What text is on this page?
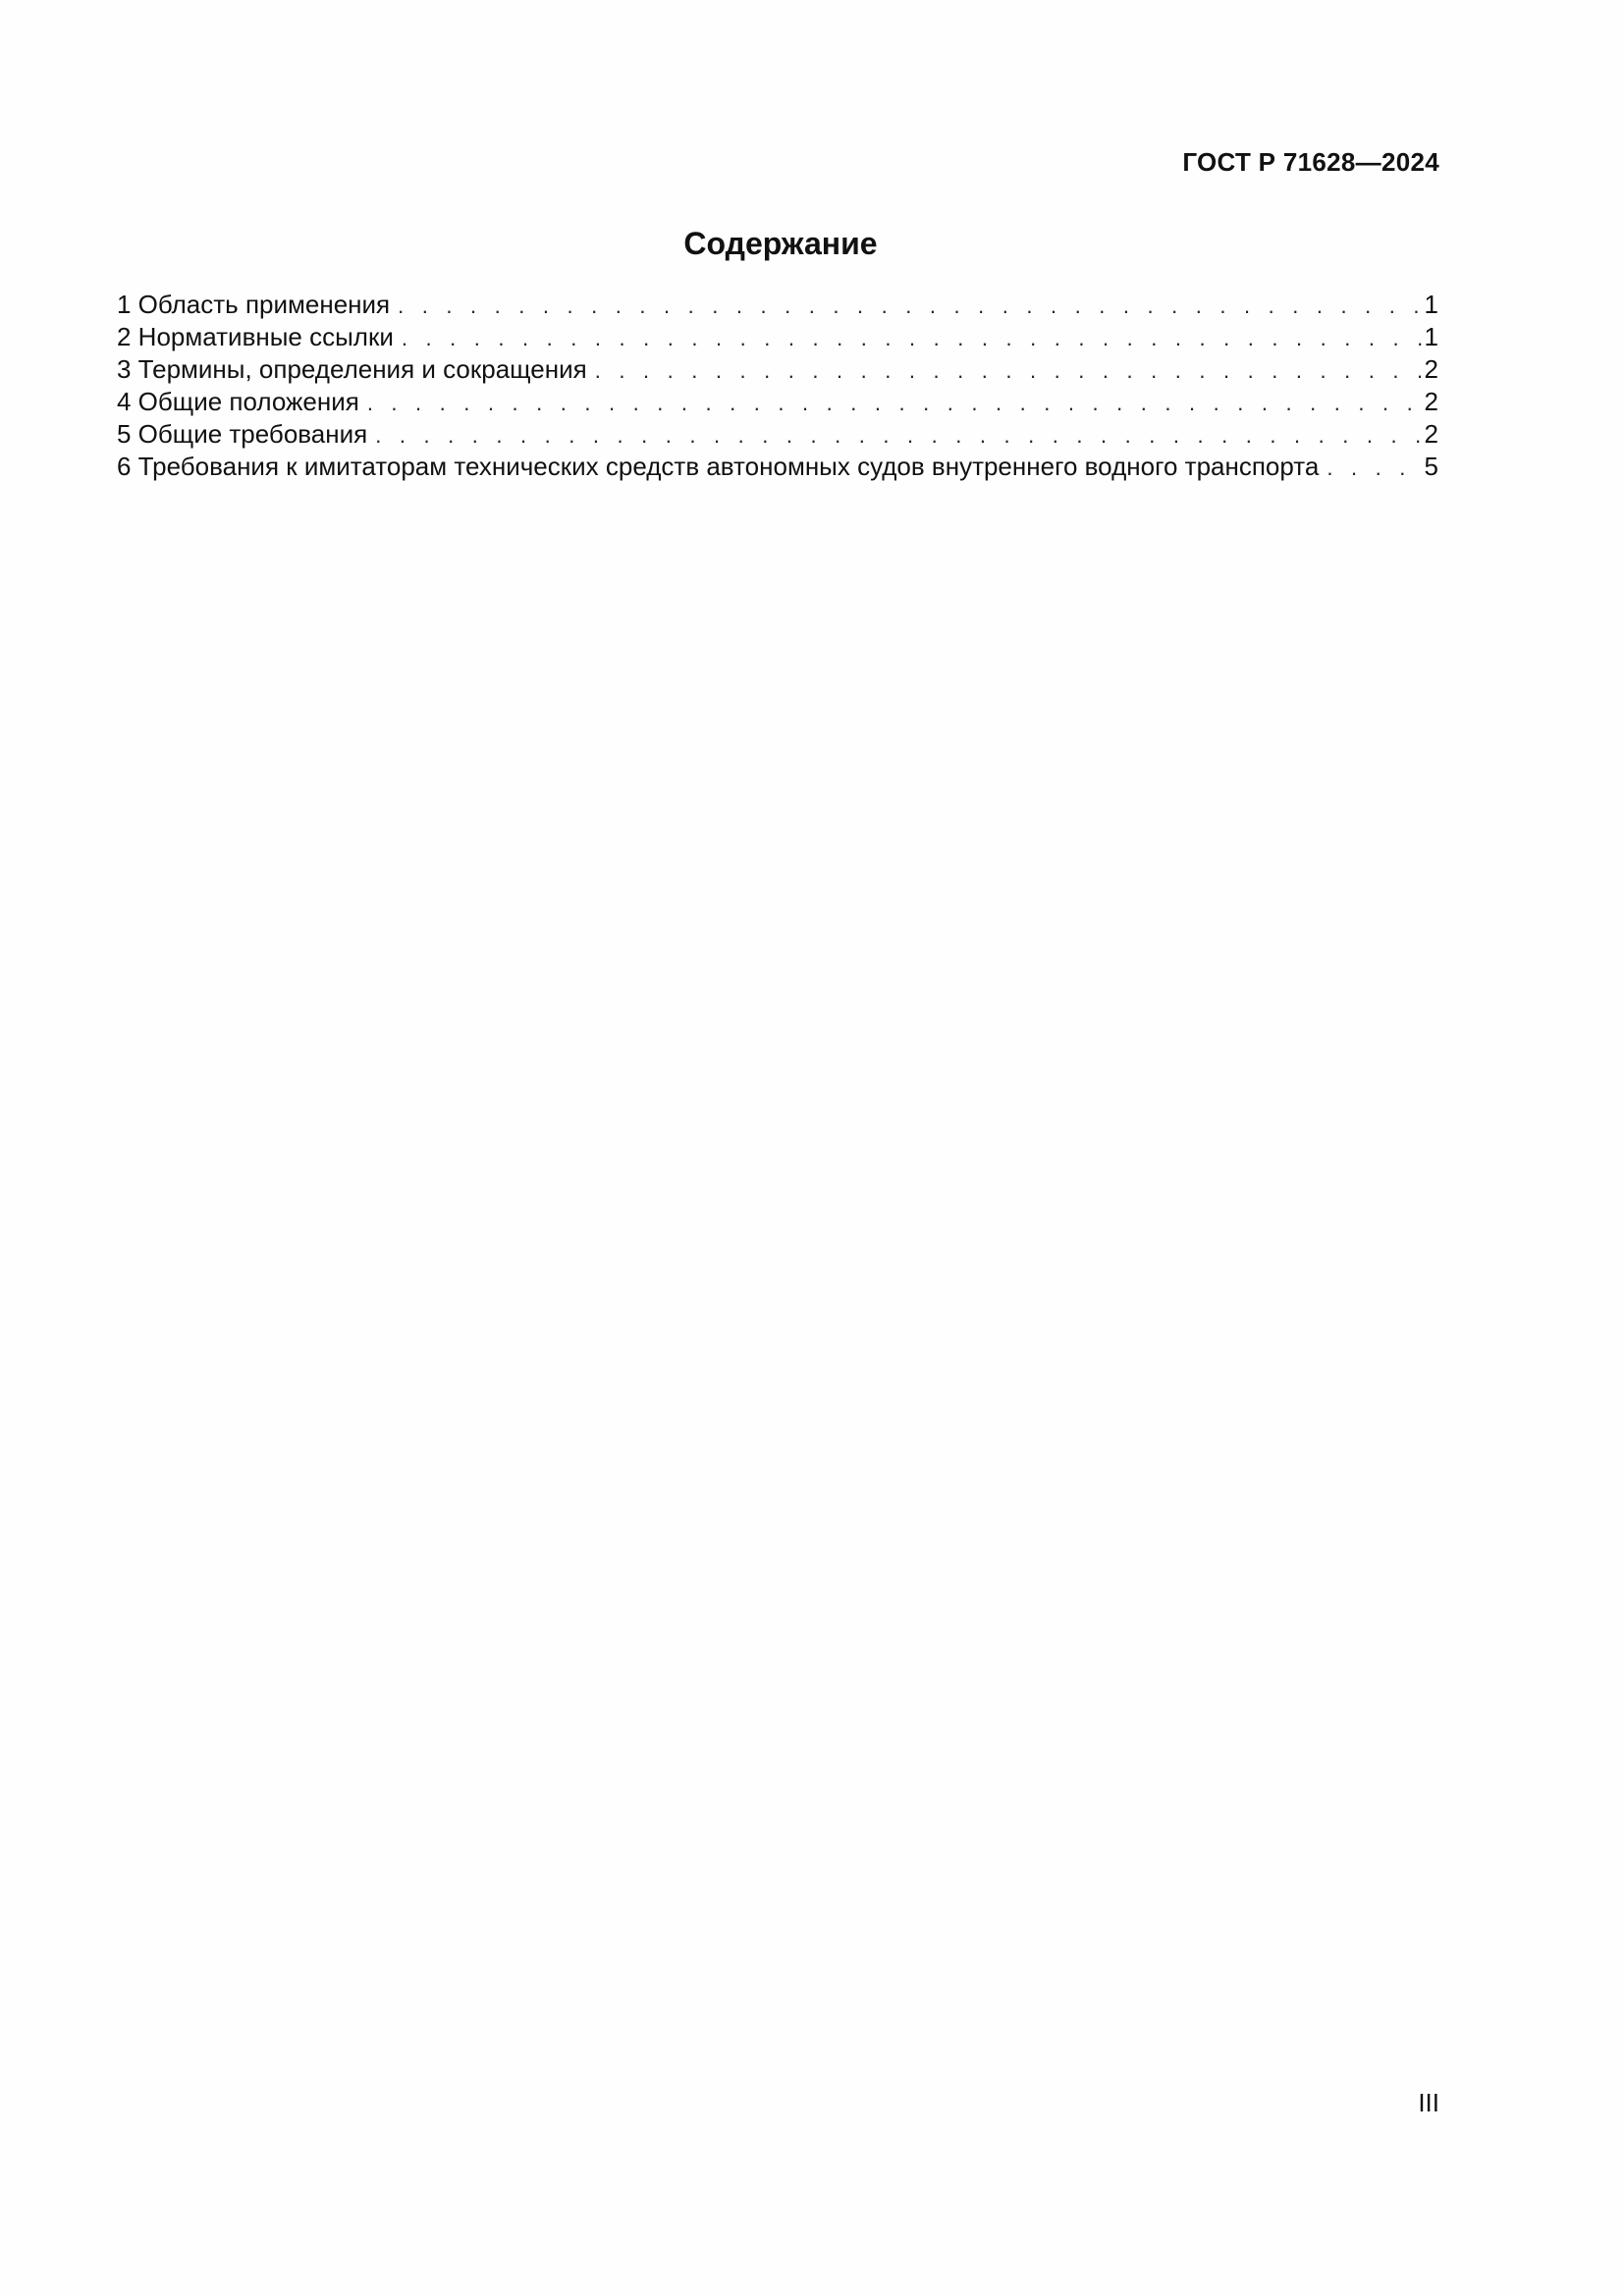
ГОСТ Р 71628—2024
Содержание
1 Область применения . . .	1
2 Нормативные ссылки . . .	1
3 Термины, определения и сокращения . . .	2
4 Общие положения . . .	2
5 Общие требования . . .	2
6 Требования к имитаторам технических средств автономных судов внутреннего водного транспорта . . .	5
III
